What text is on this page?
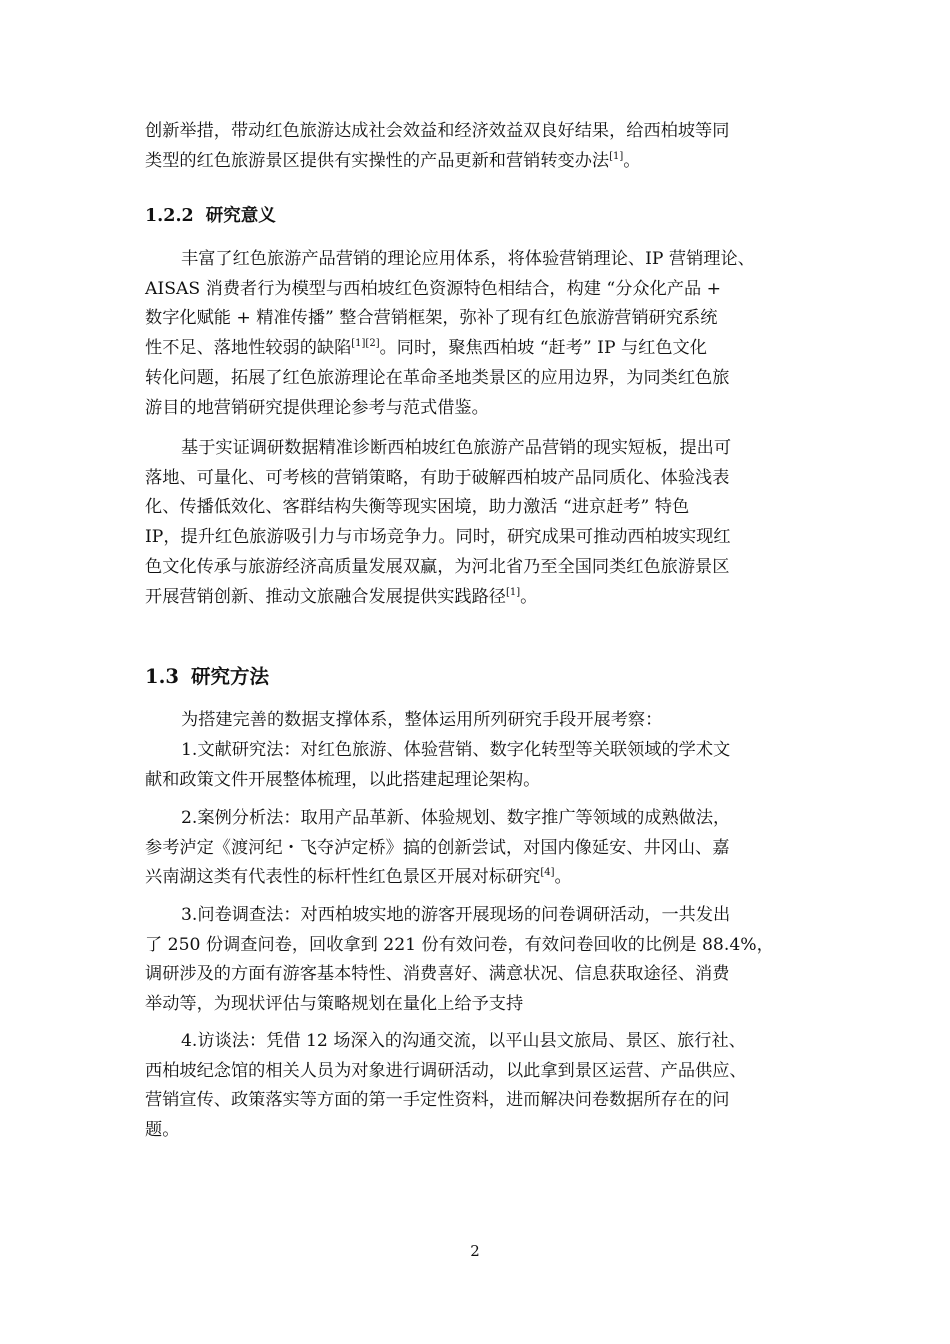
创新举措，带动红色旅游达成社会效益和经济效益双良好结果，给西柏坡等同
类型的红色旅游景区提供有实操性的产品更新和营销转变办法[1]。

1.2.2 研究意义

丰富了红色旅游产品营销的理论应用体系，将体验营销理论、IP 营销理论、
AISAS 消费者行为模型与西柏坡红色资源特色相结合，构建 “分众化产品 +
数字化赋能 + 精准传播” 整合营销框架，弥补了现有红色旅游营销研究系统
性不足、落地性较弱的缺陷[1][2]。同时，聚焦西柏坡 “赶考” IP 与红色文化
转化问题，拓展了红色旅游理论在革命圣地类景区的应用边界，为同类红色旅
游目的地营销研究提供理论参考与范式借鉴。

基于实证调研数据精准诊断西柏坡红色旅游产品营销的现实短板，提出可
落地、可量化、可考核的营销策略，有助于破解西柏坡产品同质化、体验浅表
化、传播低效化、客群结构失衡等现实困境，助力激活 “进京赶考” 特色
IP，提升红色旅游吸引力与市场竞争力。同时，研究成果可推动西柏坡实现红
色文化传承与旅游经济高质量发展双赢，为河北省乃至全国同类红色旅游景区
开展营销创新、推动文旅融合发展提供实践路径[1]。

1.3 研究方法

为搭建完善的数据支撑体系，整体运用所列研究手段开展考察：

1.文献研究法：对红色旅游、体验营销、数字化转型等关联领域的学术文
献和政策文件开展整体梳理，以此搭建起理论架构。

2.案例分析法：取用产品革新、体验规划、数字推广等领域的成熟做法，
参考泸定《渡河纪・飞夺泸定桥》搞的创新尝试，对国内像延安、井冈山、嘉
兴南湖这类有代表性的标杆性红色景区开展对标研究[4]。

3.问卷调查法：对西柏坡实地的游客开展现场的问卷调研活动，一共发出
了 250 份调查问卷，回收拿到 221 份有效问卷，有效问卷回收的比例是 88.4%，
调研涉及的方面有游客基本特性、消费喜好、满意状况、信息获取途径、消费
举动等，为现状评估与策略规划在量化上给予支持

4.访谈法：凭借 12 场深入的沟通交流，以平山县文旅局、景区、旅行社、
西柏坡纪念馆的相关人员为对象进行调研活动，以此拿到景区运营、产品供应、
营销宣传、政策落实等方面的第一手定性资料，进而解决问卷数据所存在的问
题。

2
